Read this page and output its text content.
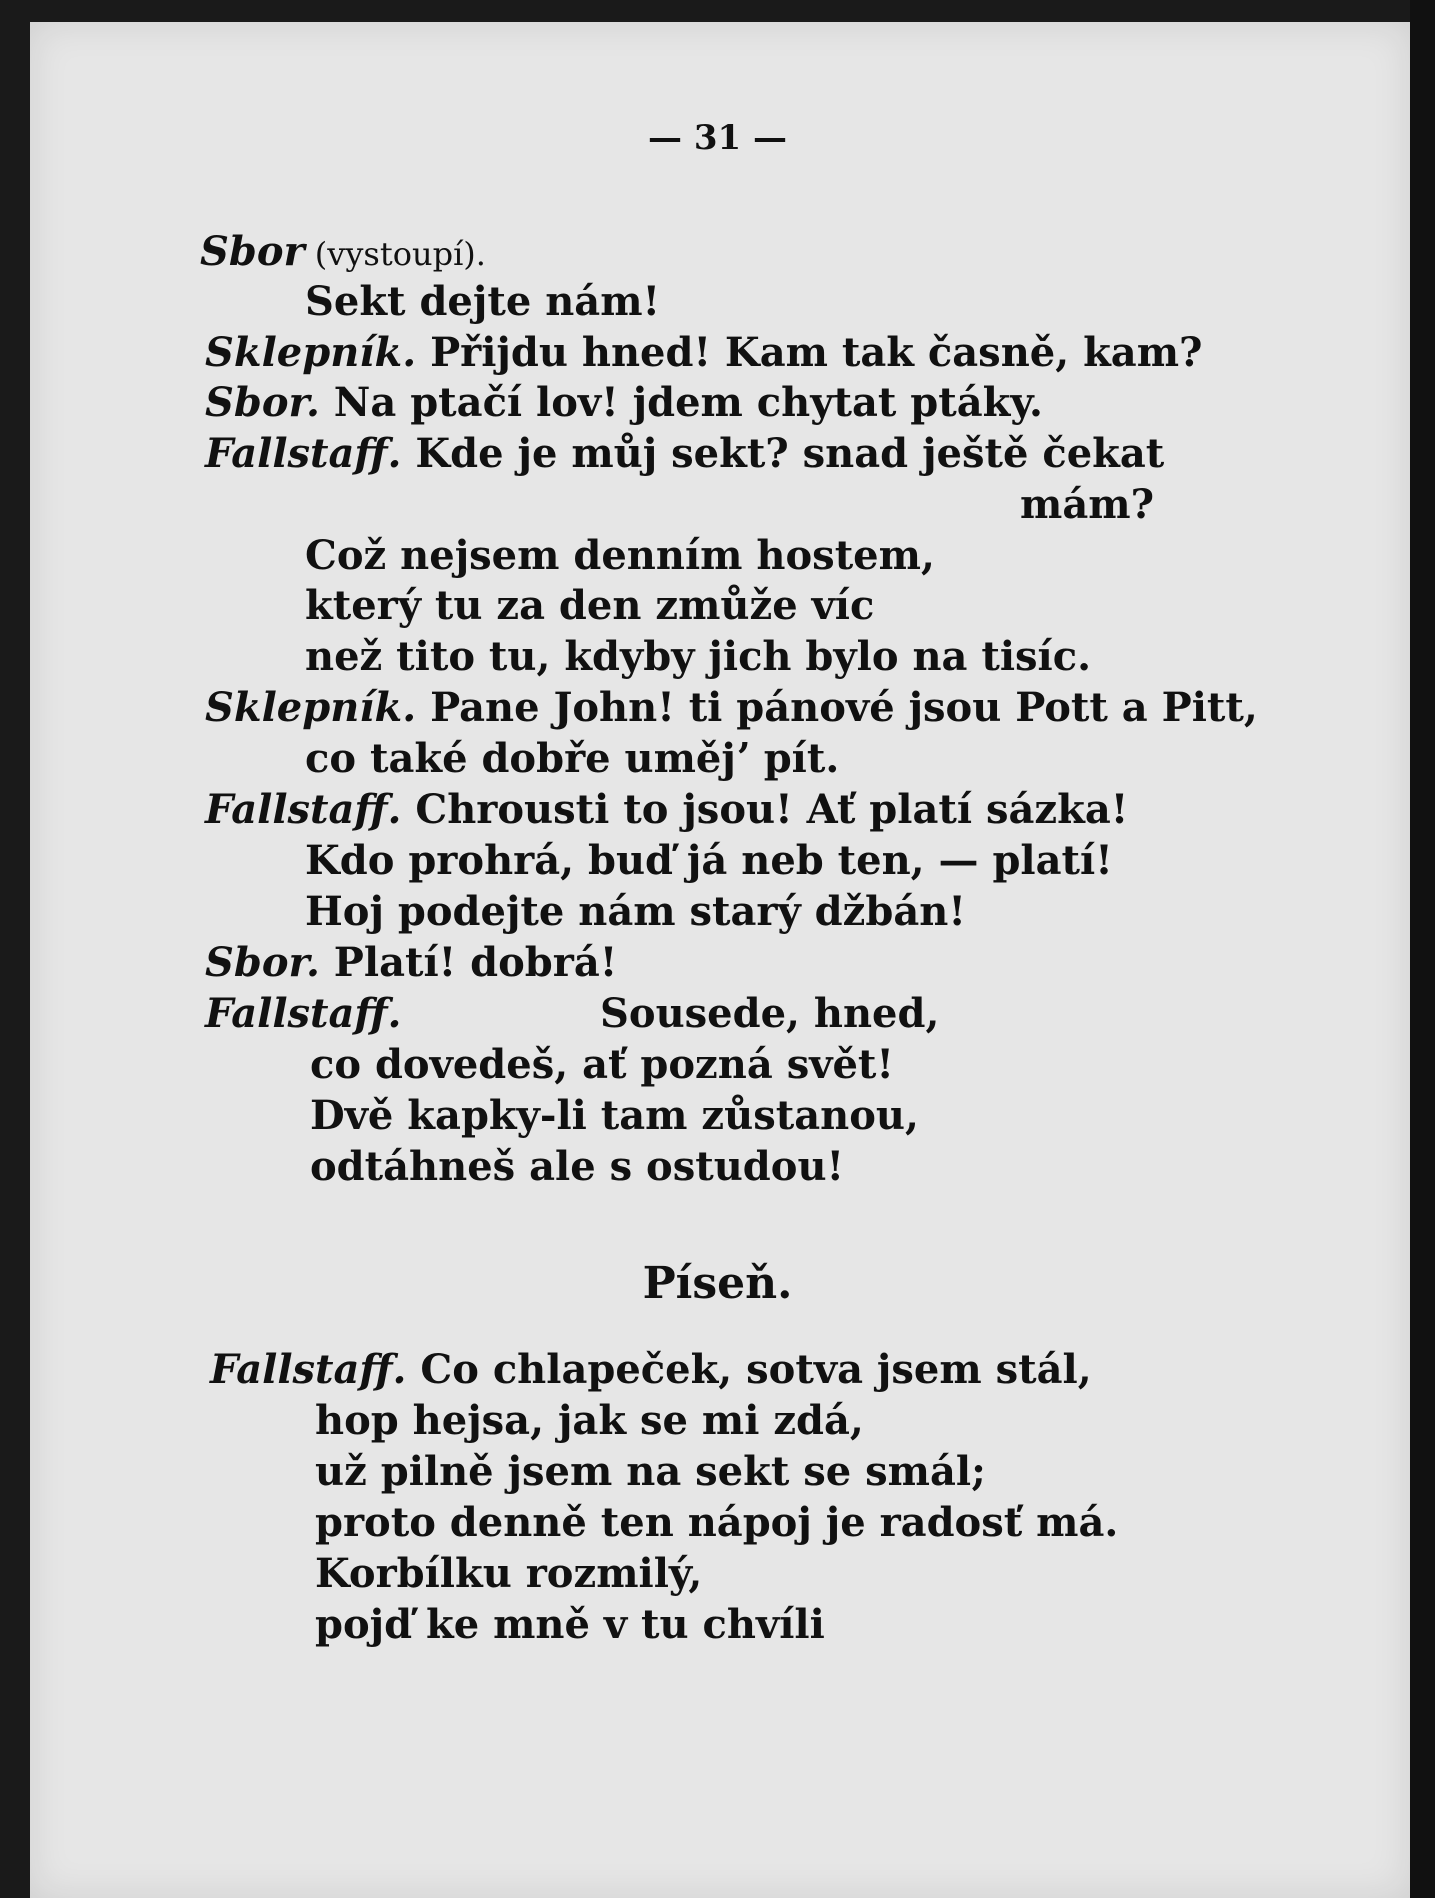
— 31 —
Sbor (vystoupí).
Sekt dejte nám!
Sklepník. Přijdu hned! Kam tak časně, kam?
Sbor. Na ptačí lov! jdem chytat ptáky.
Fallstaff. Kde je můj sekt? snad ještě čekat
mám?
Což nejsem denním hostem,
který tu za den zmůže víc
než tito tu, kdyby jich bylo na tisíc.
Sklepník. Pane John! ti pánové jsou Pott a Pitt,
co také dobře umějʼ pít.
Fallstaff. Chrousti to jsou! Ať platí sázka!
Kdo prohrá, buď já neb ten, — platí!
Hoj podejte nám starý džbán!
Sbor. Platí! dobrá!
Fallstaff.	Sousede, hned,
co dovedeš, ať pozná svět!
Dvě kapky-li tam zůstanou,
odtáhneš ale s ostudou!
Píseň.
Fallstaff. Co chlapeček, sotva jsem stál,
hop hejsa, jak se mi zdá,
už pilně jsem na sekt se smál;
proto denně ten nápoj je radosť má.
Korbílku rozmilý,
pojď ke mně v tu chvíli
